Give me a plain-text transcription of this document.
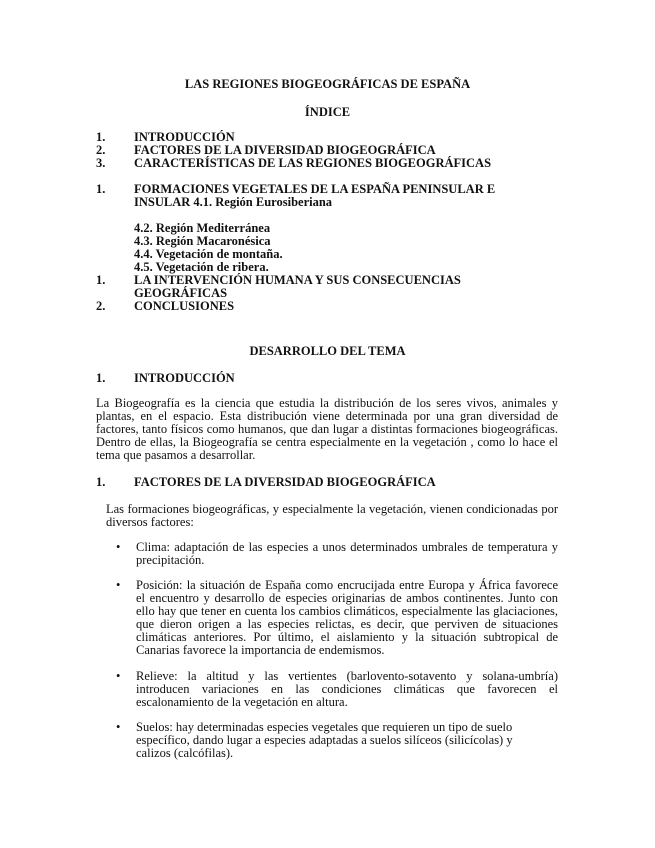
LAS REGIONES BIOGEOGRÁFICAS DE ESPAÑA
ÍNDICE
1. INTRODUCCIÓN
2. FACTORES DE LA DIVERSIDAD BIOGEOGRÁFICA
3. CARACTERÍSTICAS DE LAS REGIONES BIOGEOGRÁFICAS
1. FORMACIONES VEGETALES DE LA ESPAÑA PENINSULAR E INSULAR 4.1. Región Eurosiberiana
4.2. Región Mediterránea
4.3. Región Macaronésica
4.4. Vegetación de montaña.
4.5. Vegetación de ribera.
1. LA INTERVENCIÓN HUMANA Y SUS CONSECUENCIAS GEOGRÁFICAS
2. CONCLUSIONES
DESARROLLO DEL TEMA
1. INTRODUCCIÓN
La Biogeografía es la ciencia que estudia la distribución de los seres vivos, animales y plantas, en el espacio. Esta distribución viene determinada por una gran diversidad de factores, tanto físicos como humanos, que dan lugar a distintas formaciones biogeográficas. Dentro de ellas, la Biogeografía se centra especialmente en la vegetación , como lo hace el tema que pasamos a desarrollar.
1. FACTORES DE LA DIVERSIDAD BIOGEOGRÁFICA
Las formaciones biogeográficas, y especialmente la vegetación, vienen condicionadas por diversos factores:
• Clima: adaptación de las especies a unos determinados umbrales de temperatura y precipitación.
• Posición: la situación de España como encrucijada entre Europa y África favorece el encuentro y desarrollo de especies originarias de ambos continentes. Junto con ello hay que tener en cuenta los cambios climáticos, especialmente las glaciaciones, que dieron origen a las especies relictas, es decir, que perviven de situaciones climáticas anteriores. Por último, el aislamiento y la situación subtropical de Canarias favorece la importancia de endemismos.
• Relieve: la altitud y las vertientes (barlovento-sotavento y solana-umbría) introducen variaciones en las condiciones climáticas que favorecen el escalonamiento de la vegetación en altura.
• Suelos: hay determinadas especies vegetales que requieren un tipo de suelo específico, dando lugar a especies adaptadas a suelos silíceos (silicícolas) y calizos (calcófilas).
